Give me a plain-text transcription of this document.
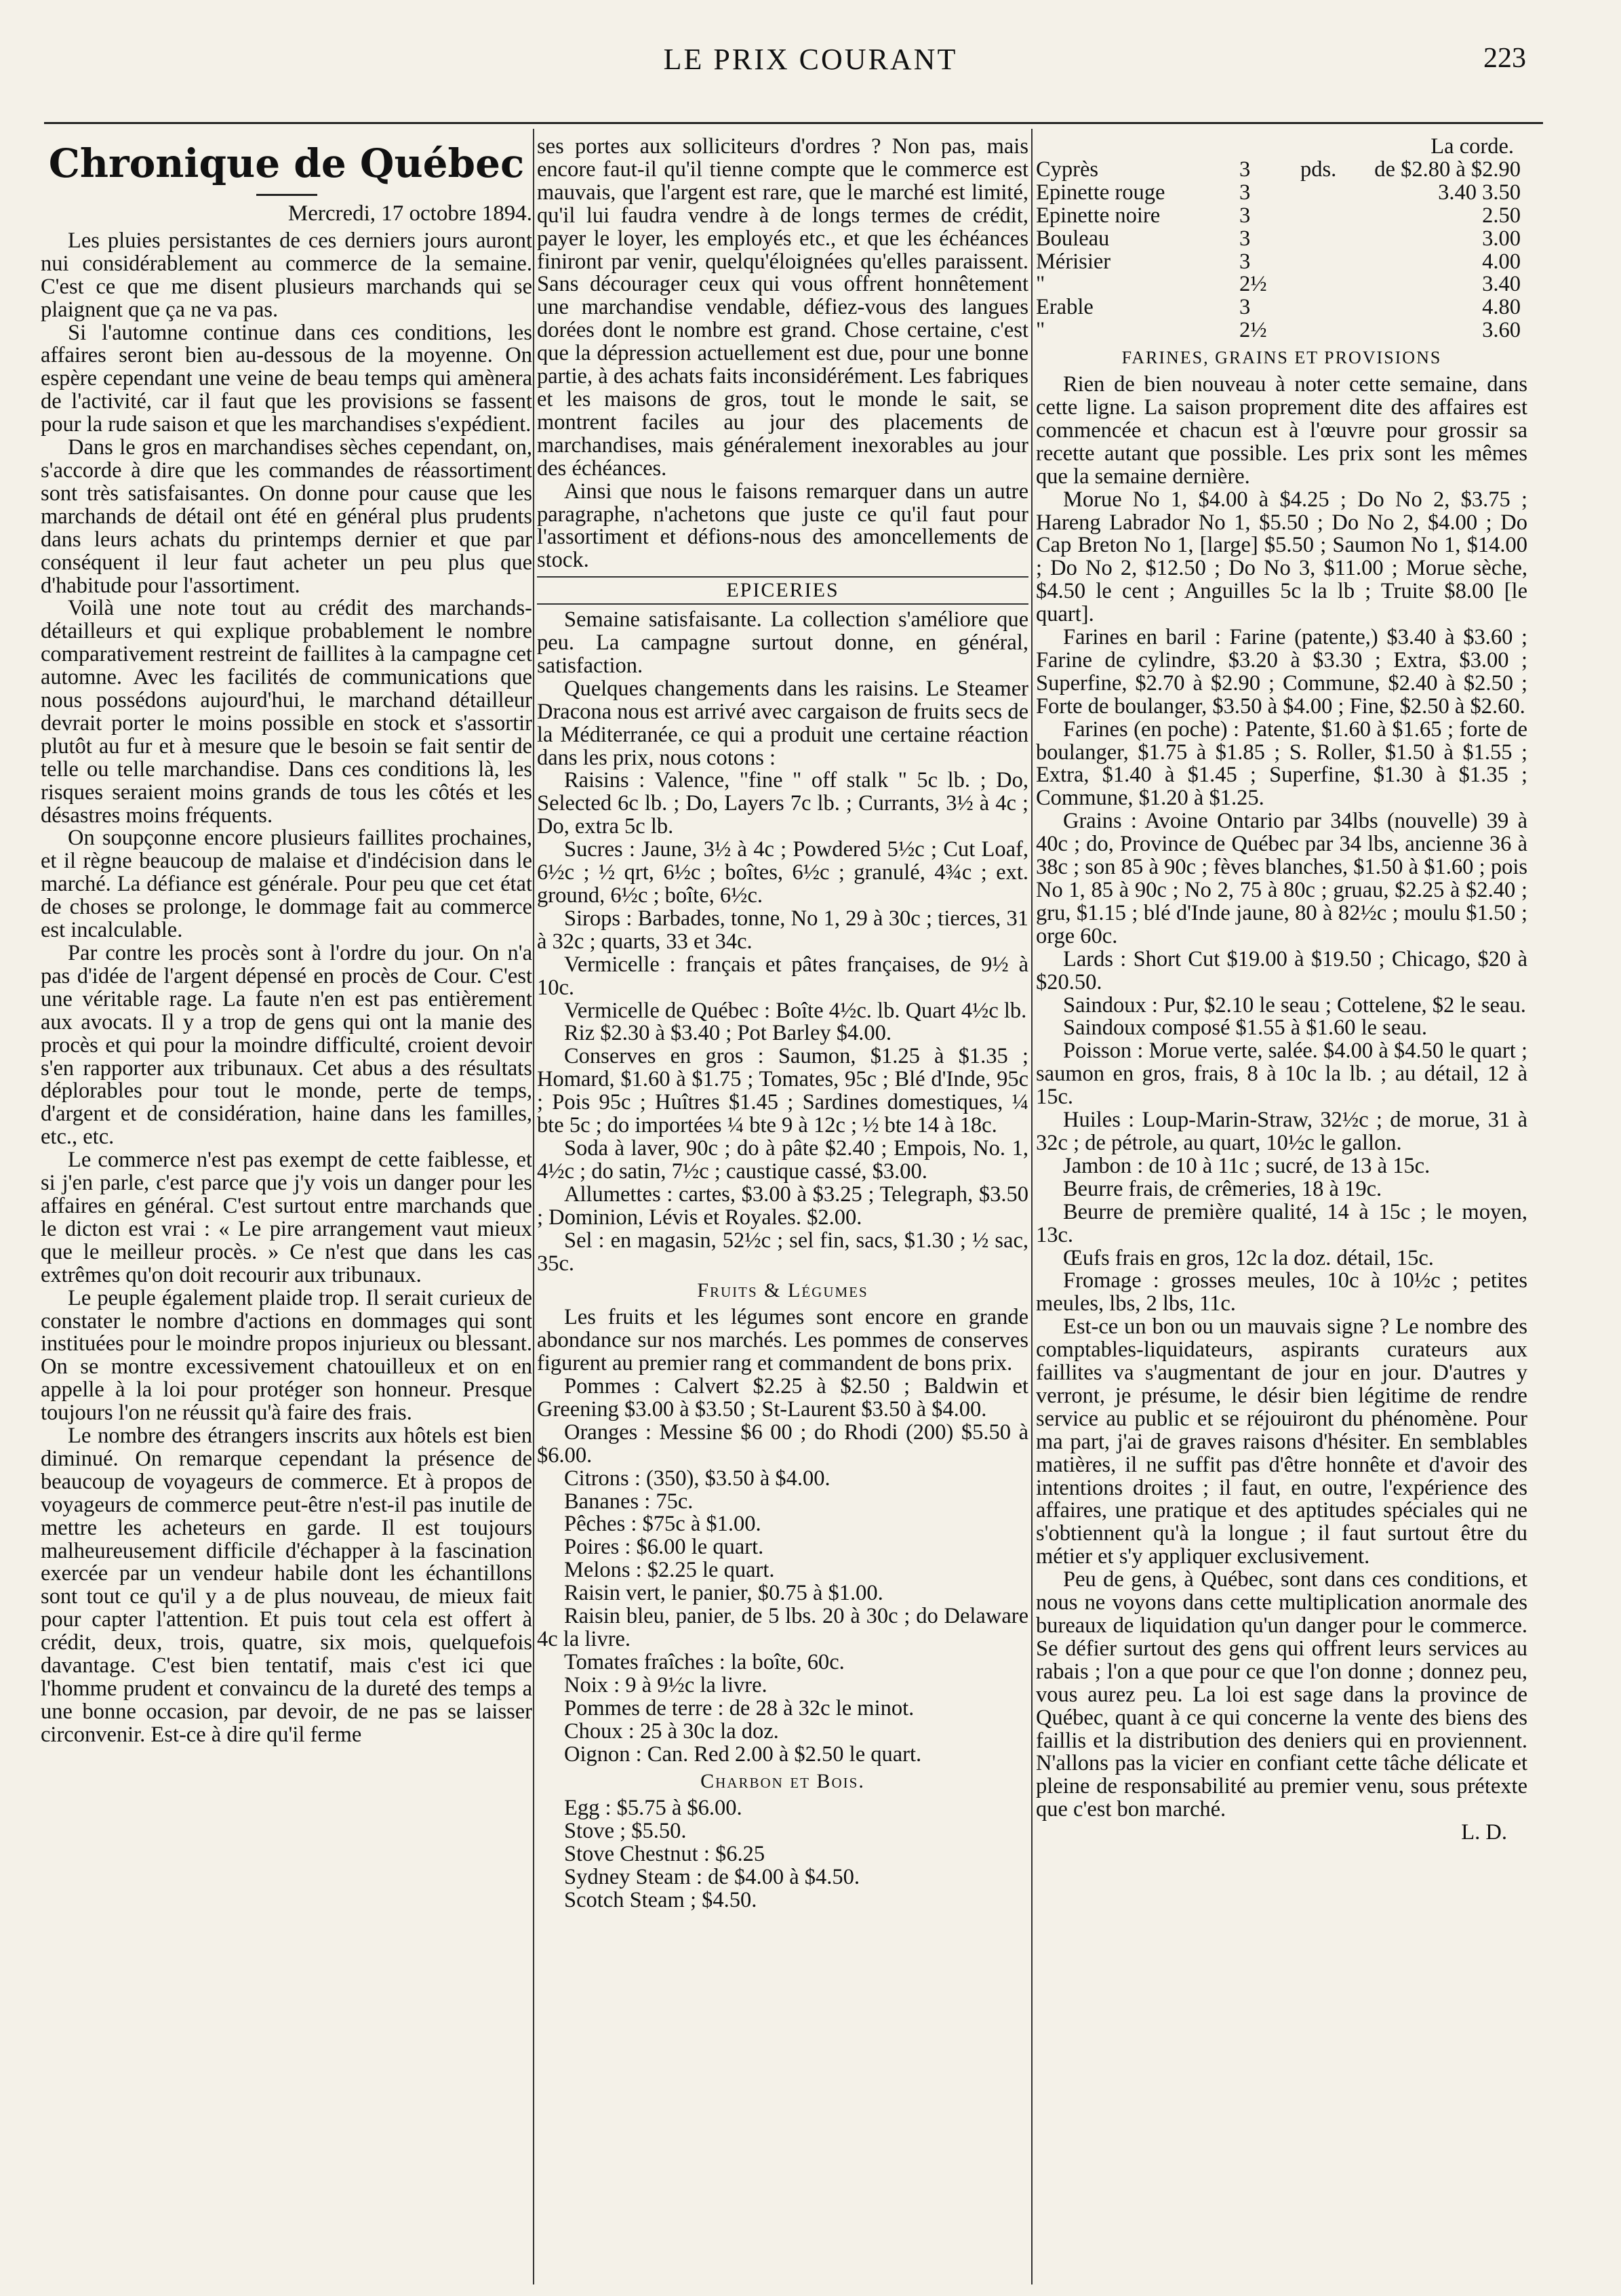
LE PRIX COURANT	223
Chronique de Québec
Mercredi, 17 octobre 1894.

Les pluies persistantes de ces derniers jours auront nui considérablement au commerce de la semaine. C'est ce que me disent plusieurs marchands qui se plaignent que ça ne va pas.

Si l'automne continue dans ces conditions, les affaires seront bien au-dessous de la moyenne. On espère cependant une veine de beau temps qui amènera de l'activité, car il faut que les provisions se fassent pour la rude saison et que les marchandises s'expédient.

Dans le gros en marchandises sèches cependant, on, s'accorde à dire que les commandes de réassortiment sont très satisfaisantes. On donne pour cause que les marchands de détail ont été en général plus prudents dans leurs achats du printemps dernier et que par conséquent il leur faut acheter un peu plus que d'habitude pour l'assortiment.

Voilà une note tout au crédit des marchands-détailleurs et qui explique probablement le nombre comparativement restreint de faillites à la campagne cet automne. Avec les facilités de communications que nous possédons aujourd'hui, le marchand détailleur devrait porter le moins possible en stock et s'assortir plutôt au fur et à mesure que le besoin se fait sentir de telle ou telle marchandise. Dans ces conditions là, les risques seraient moins grands de tous les côtés et les désastres moins fréquents.

On soupçonne encore plusieurs faillites prochaines, et il règne beaucoup de malaise et d'indécision dans le marché. La défiance est générale. Pour peu que cet état de choses se prolonge, le dommage fait au commerce est incalculable.

Par contre les procès sont à l'ordre du jour. On n'a pas d'idée de l'argent dépensé en procès de Cour. C'est une véritable rage. La faute n'en est pas entièrement aux avocats. Il y a trop de gens qui ont la manie des procès et qui pour la moindre difficulté, croient devoir s'en rapporter aux tribunaux. Cet abus a des résultats déplorables pour tout le monde, perte de temps, d'argent et de considération, haine dans les familles, etc., etc.

Le commerce n'est pas exempt de cette faiblesse, et si j'en parle, c'est parce que j'y vois un danger pour les affaires en général. C'est surtout entre marchands que le dicton est vrai : « Le pire arrangement vaut mieux que le meilleur procès. » Ce n'est que dans les cas extrêmes qu'on doit recourir aux tribunaux.

Le peuple également plaide trop. Il serait curieux de constater le nombre d'actions en dommages qui sont instituées pour le moindre propos injurieux ou blessant. On se montre excessivement chatouilleux et on en appelle à la loi pour protéger son honneur. Presque toujours l'on ne réussit qu'à faire des frais.

Le nombre des étrangers inscrits aux hôtels est bien diminué. On remarque cependant la présence de beaucoup de voyageurs de commerce. Et à propos de voyageurs de commerce peut-être n'est-il pas inutile de mettre les acheteurs en garde. Il est toujours malheureusement difficile d'échapper à la fascination exercée par un vendeur habile dont les échantillons sont tout ce qu'il y a de plus nouveau, de mieux fait pour capter l'attention. Et puis tout cela est offert à crédit, deux, trois, quatre, six mois, quelquefois davantage. C'est bien tentatif, mais c'est ici que l'homme prudent et convaincu de la dureté des temps a une bonne occasion, par devoir, de ne pas se laisser circonvenir. Est-ce à dire qu'il ferme

ses portes aux solliciteurs d'ordres ? Non pas, mais encore faut-il qu'il tienne compte que le commerce est mauvais, que l'argent est rare, que le marché est limité, qu'il lui faudra vendre à de longs termes de crédit, payer le loyer, les employés etc., et que les échéances finiront par venir, quelqu'éloignées qu'elles paraissent. Sans décourager ceux qui vous offrent honnêtement une marchandise vendable, défiez-vous des langues dorées dont le nombre est grand. Chose certaine, c'est que la dépression actuellement est due, pour une bonne partie, à des achats faits inconsidérément. Les fabriques et les maisons de gros, tout le monde le sait, se montrent faciles au jour des placements de marchandises, mais généralement inexorables au jour des échéances.

Ainsi que nous le faisons remarquer dans un autre paragraphe, n'achetons que juste ce qu'il faut pour l'assortiment et défions-nous des amoncellements de stock.

EPICERIES

Semaine satisfaisante. La collection s'améliore que peu. La campagne surtout donne, en général, satisfaction.

Quelques changements dans les raisins. Le Steamer Dracona nous est arrivé avec cargaison de fruits secs de la Méditerranée, ce qui a produit une certaine réaction dans les prix, nous cotons :

Raisins : Valence, "fine " off stalk " 5c lb. ; Do, Selected 6c lb. ; Do, Layers 7c lb. ; Currants, 3½ à 4c ; Do, extra 5c lb.

Sucres : Jaune, 3½ à 4c ; Powdered 5½c ; Cut Loaf, 6½c ; ½ qrt, 6½c ; boîtes, 6½c ; granulé, 4¾c ; ext. ground, 6½c ; boîte, 6½c.

Sirops : Barbades, tonne, No 1, 29 à 30c ; tierces, 31 à 32c ; quarts, 33 et 34c.

Vermicelle : français et pâtes françaises, de 9½ à 10c.

Vermicelle de Québec : Boîte 4½c. lb. Quart 4½c lb.

Riz $2.30 à $3.40 ; Pot Barley $4.00.

Conserves en gros : Saumon, $1.25 à $1.35 ; Homard, $1.60 à $1.75 ; Tomates, 95c ; Blé d'Inde, 95c ; Pois 95c ; Huîtres $1.45 ; Sardines domestiques, ¼ bte 5c ; do importées ¼ bte 9 à 12c ; ½ bte 14 à 18c.

Soda à laver, 90c ; do à pâte $2.40 ; Empois, No. 1, 4½c ; do satin, 7½c ; caustique cassé, $3.00.

Allumettes : cartes, $3.00 à $3.25 ; Telegraph, $3.50 ; Dominion, Lévis et Royales. $2.00.

Sel : en magasin, 52½c ; sel fin, sacs, $1.30 ; ½ sac, 35c.

Fruits & Légumes

Les fruits et les légumes sont encore en grande abondance sur nos marchés. Les pommes de conserves figurent au premier rang et commandent de bons prix.

Pommes : Calvert $2.25 à $2.50 ; Baldwin et Greening $3.00 à $3.50 ; St-Laurent $3.50 à $4.00.

Oranges : Messine $6 00 ; do Rhodi (200) $5.50 à $6.00.

Citrons : (350), $3.50 à $4.00.

Bananes : 75c.

Pêches : $75c à $1.00.

Poires : $6.00 le quart.

Melons : $2.25 le quart.

Raisin vert, le panier, $0.75 à $1.00.

Raisin bleu, panier, de 5 lbs. 20 à 30c ; do Delaware 4c la livre.

Tomates fraîches : la boîte, 60c.

Noix : 9 à 9½c la livre.

Pommes de terre : de 28 à 32c le minot.

Choux : 25 à 30c la doz.

Oignon : Can. Red 2.00 à $2.50 le quart.

Charbon et Bois.

Egg : $5.75 à $6.00.

Stove ; $5.50.

Stove Chestnut : $6.25

Sydney Steam : de $4.00 à $4.50.

Scotch Steam ; $4.50.

La corde.
Cyprès	3	pds.	de $2.80 à $2.90
Epinette rouge	3		3.40 3.50
Epinette noire	3		2.50
Bouleau	3		3.00
Mérisier	3		4.00
"	2½		3.40
Erable	3		4.80
"	2½		3.60
FARINES, GRAINS ET PROVISIONS

Rien de bien nouveau à noter cette semaine, dans cette ligne. La saison proprement dite des affaires est commencée et chacun est à l'œuvre pour grossir sa recette autant que possible. Les prix sont les mêmes que la semaine dernière.

Morue No 1, $4.00 à $4.25 ; Do No 2, $3.75 ; Hareng Labrador No 1, $5.50 ; Do No 2, $4.00 ; Do Cap Breton No 1, [large] $5.50 ; Saumon No 1, $14.00 ; Do No 2, $12.50 ; Do No 3, $11.00 ; Morue sèche, $4.50 le cent ; Anguilles 5c la lb ; Truite $8.00 [le quart].

Farines en baril : Farine (patente,) $3.40 à $3.60 ; Farine de cylindre, $3.20 à $3.30 ; Extra, $3.00 ; Superfine, $2.70 à $2.90 ; Commune, $2.40 à $2.50 ; Forte de boulanger, $3.50 à $4.00 ; Fine, $2.50 à $2.60.

Farines (en poche) : Patente, $1.60 à $1.65 ; forte de boulanger, $1.75 à $1.85 ; S. Roller, $1.50 à $1.55 ; Extra, $1.40 à $1.45 ; Superfine, $1.30 à $1.35 ; Commune, $1.20 à $1.25.

Grains : Avoine Ontario par 34lbs (nouvelle) 39 à 40c ; do, Province de Québec par 34 lbs, ancienne 36 à 38c ; son 85 à 90c ; fèves blanches, $1.50 à $1.60 ; pois No 1, 85 à 90c ; No 2, 75 à 80c ; gruau, $2.25 à $2.40 ; gru, $1.15 ; blé d'Inde jaune, 80 à 82½c ; moulu $1.50 ; orge 60c.

Lards : Short Cut $19.00 à $19.50 ; Chicago, $20 à $20.50.

Saindoux : Pur, $2.10 le seau ; Cottelene, $2 le seau.

Saindoux composé $1.55 à $1.60 le seau.

Poisson : Morue verte, salée. $4.00 à $4.50 le quart ; saumon en gros, frais, 8 à 10c la lb. ; au détail, 12 à 15c.

Huiles : Loup-Marin-Straw, 32½c ; de morue, 31 à 32c ; de pétrole, au quart, 10½c le gallon.

Jambon : de 10 à 11c ; sucré, de 13 à 15c.

Beurre frais, de crêmeries, 18 à 19c.

Beurre de première qualité, 14 à 15c ; le moyen, 13c.

Œufs frais en gros, 12c la doz. détail, 15c.

Fromage : grosses meules, 10c à 10½c ; petites meules, lbs, 2 lbs, 11c.

Est-ce un bon ou un mauvais signe ? Le nombre des comptables-liquidateurs, aspirants curateurs aux faillites va s'augmentant de jour en jour. D'autres y verront, je présume, le désir bien légitime de rendre service au public et se réjouiront du phénomène. Pour ma part, j'ai de graves raisons d'hésiter. En semblables matières, il ne suffit pas d'être honnête et d'avoir des intentions droites ; il faut, en outre, l'expérience des affaires, une pratique et des aptitudes spéciales qui ne s'obtiennent qu'à la longue ; il faut surtout être du métier et s'y appliquer exclusivement.

Peu de gens, à Québec, sont dans ces conditions, et nous ne voyons dans cette multiplication anormale des bureaux de liquidation qu'un danger pour le commerce. Se défier surtout des gens qui offrent leurs services au rabais ; l'on a que pour ce que l'on donne ; donnez peu, vous aurez peu. La loi est sage dans la province de Québec, quant à ce qui concerne la vente des biens des faillis et la distribution des deniers qui en proviennent. N'allons pas la vicier en confiant cette tâche délicate et pleine de responsabilité au premier venu, sous prétexte que c'est bon marché.

L. D.
